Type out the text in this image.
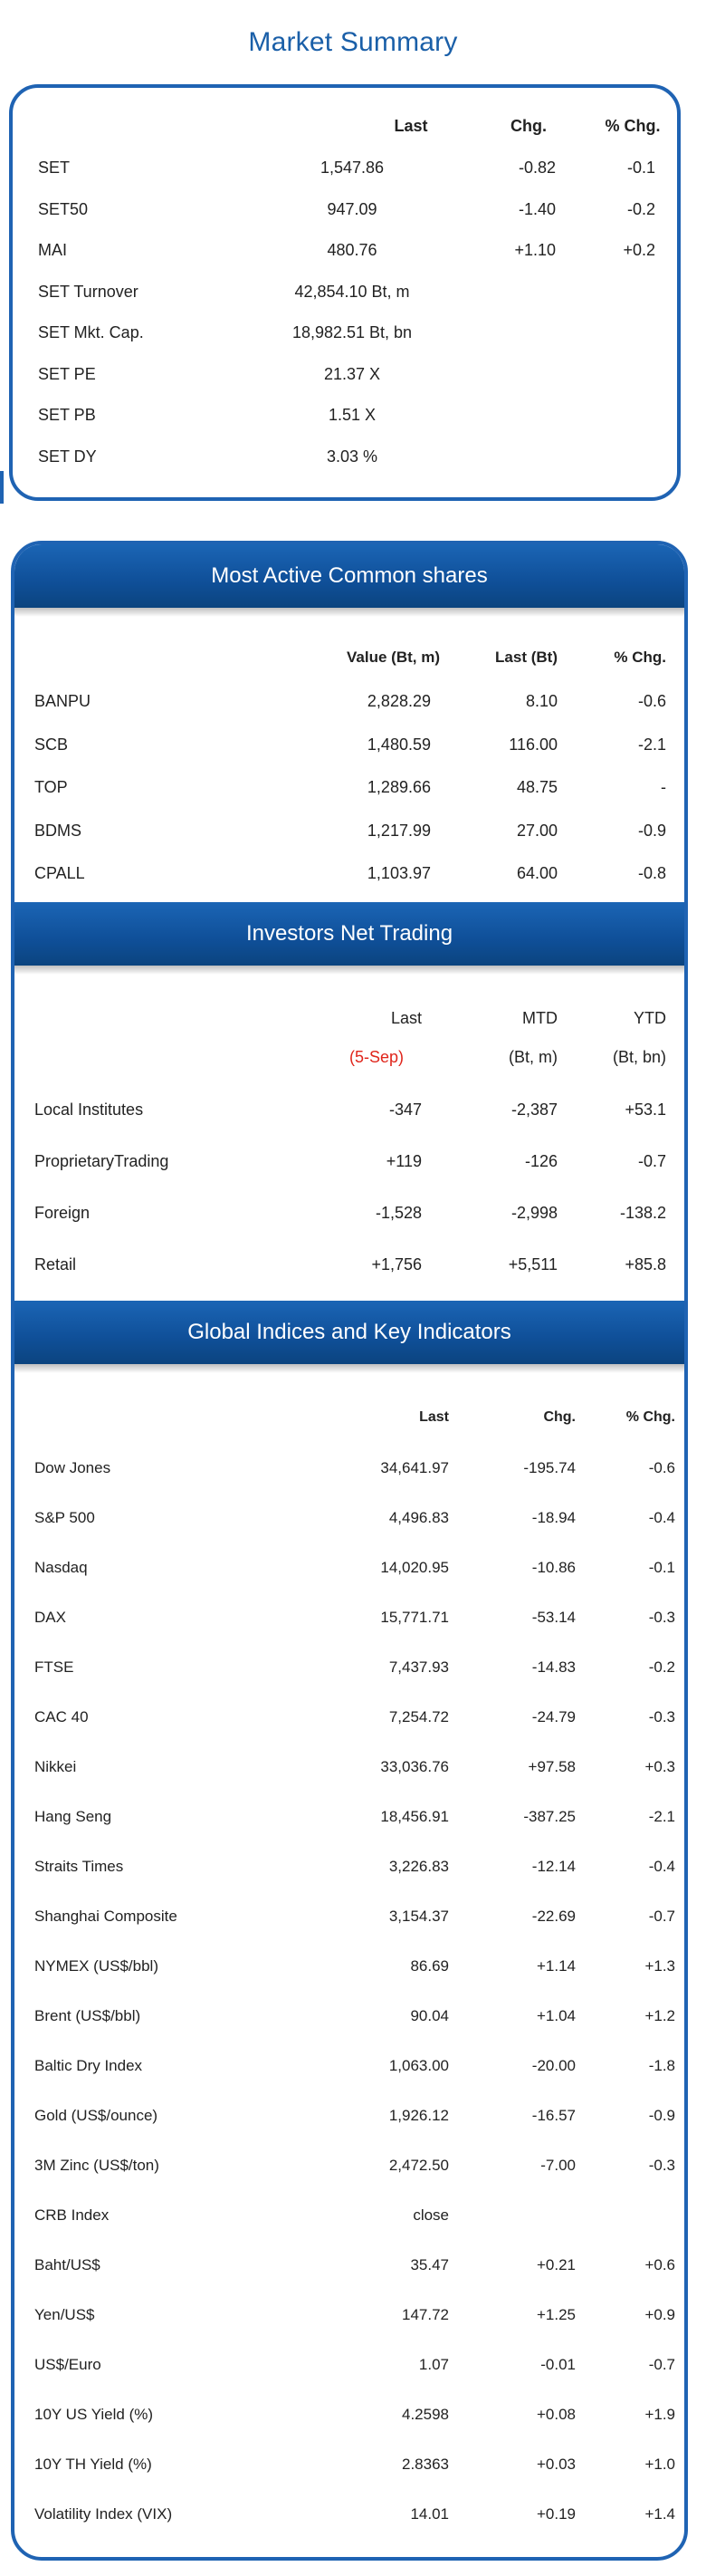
Market Summary
Last	Chg.	% Chg.
SET	1,547.86	-0.82	-0.1
SET50	947.09	-1.40	-0.2
MAI	480.76	+1.10	+0.2
SET Turnover	42,854.10 Bt, m
SET Mkt. Cap.	18,982.51 Bt, bn
SET PE	21.37 X
SET PB	1.51 X
SET DY	3.03 %
Most Active Common shares
Value (Bt, m)	Last (Bt)	% Chg.
BANPU	2,828.29	8.10	-0.6
SCB	1,480.59	116.00	-2.1
TOP	1,289.66	48.75	-
BDMS	1,217.99	27.00	-0.9
CPALL	1,103.97	64.00	-0.8
Investors Net Trading
Last	MTD	YTD
(5-Sep)	(Bt, m)	(Bt, bn)
Local Institutes	-347	-2,387	+53.1
ProprietaryTrading	+119	-126	-0.7
Foreign	-1,528	-2,998	-138.2
Retail	+1,756	+5,511	+85.8
Global Indices and Key Indicators
Last	Chg.	% Chg.
Dow Jones	34,641.97	-195.74	-0.6
S&P 500	4,496.83	-18.94	-0.4
Nasdaq	14,020.95	-10.86	-0.1
DAX	15,771.71	-53.14	-0.3
FTSE	7,437.93	-14.83	-0.2
CAC 40	7,254.72	-24.79	-0.3
Nikkei	33,036.76	+97.58	+0.3
Hang Seng	18,456.91	-387.25	-2.1
Straits Times	3,226.83	-12.14	-0.4
Shanghai Composite	3,154.37	-22.69	-0.7
NYMEX (US$/bbl)	86.69	+1.14	+1.3
Brent (US$/bbl)	90.04	+1.04	+1.2
Baltic Dry Index	1,063.00	-20.00	-1.8
Gold (US$/ounce)	1,926.12	-16.57	-0.9
3M Zinc (US$/ton)	2,472.50	-7.00	-0.3
CRB Index	close
Baht/US$	35.47	+0.21	+0.6
Yen/US$	147.72	+1.25	+0.9
US$/Euro	1.07	-0.01	-0.7
10Y US Yield (%)	4.2598	+0.08	+1.9
10Y TH Yield (%)	2.8363	+0.03	+1.0
Volatility Index (VIX)	14.01	+0.19	+1.4
